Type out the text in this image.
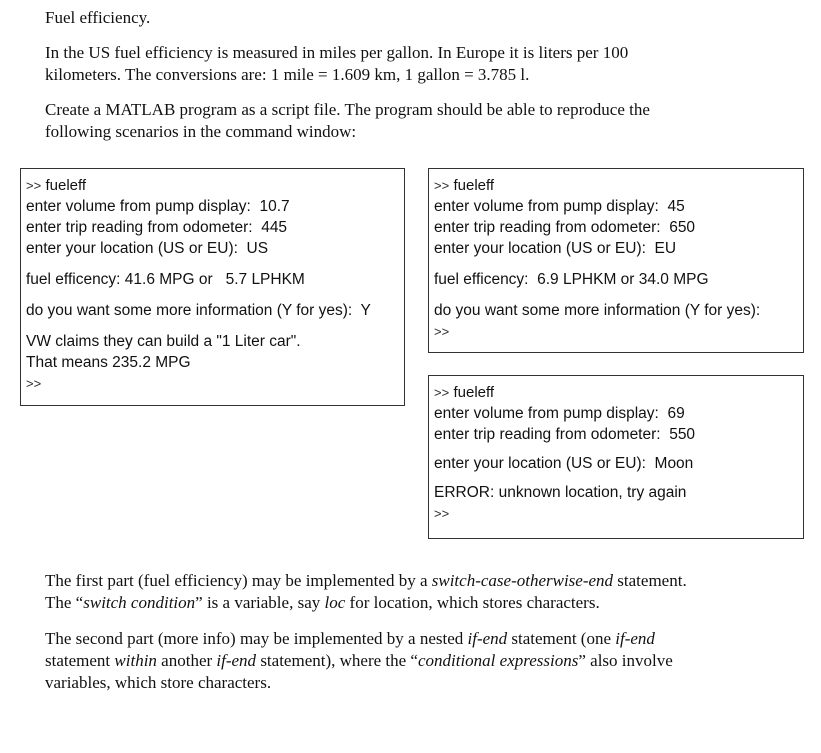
Fuel efficiency.

In the US fuel efficiency is measured in miles per gallon. In Europe it is liters per 100
kilometers. The conversions are: 1 mile = 1.609 km, 1 gallon = 3.785 l.
Create a MATLAB program as a script file. The program should be able to reproduce the
following scenarios in the command window:

>> fueleff

enter volume from pump display:  10.7

enter trip reading from odometer:  445

enter your location (US or EU):  US

fuel efficency: 41.6 MPG or   5.7 LPHKM

do you want some more information (Y for yes):  Y

VW claims they can build a "1 Liter car".

That means 235.2 MPG

>>

>> fueleff

enter volume from pump display:  45

enter trip reading from odometer:  650

enter your location (US or EU):  EU

fuel efficency:  6.9 LPHKM or 34.0 MPG

do you want some more information (Y for yes):

>>

>> fueleff

enter volume from pump display:  69

enter trip reading from odometer:  550

enter your location (US or EU):  Moon

ERROR: unknown location, try again

>>

The first part (fuel efficiency) may be implemented by a switch-case-otherwise-end statement.
The “switch condition” is a variable, say loc for location, which stores characters.
The second part (more info) may be implemented by a nested if-end statement (one if-end
statement within another if-end statement), where the “conditional expressions” also involve
variables, which store characters.
